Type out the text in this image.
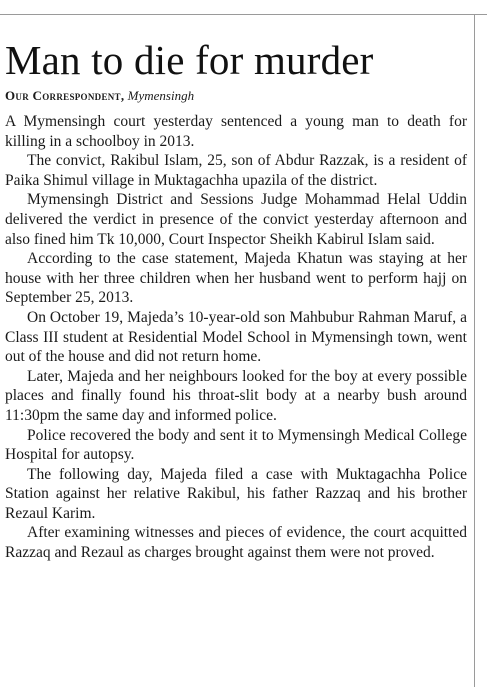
Man to die for murder
Our Correspondent, Mymensingh

A Mymensingh court yesterday sentenced a young man to death for killing in a schoolboy in 2013.

The convict, Rakibul Islam, 25, son of Abdur Razzak, is a resident of Paika Shimul village in Muktagachha upazila of the district.

Mymensingh District and Sessions Judge Mohammad Helal Uddin delivered the verdict in presence of the convict yesterday afternoon and also fined him Tk 10,000, Court Inspector Sheikh Kabirul Islam said.

According to the case statement, Majeda Khatun was staying at her house with her three children when her husband went to perform hajj on September 25, 2013.

On October 19, Majeda’s 10-year-old son Mahbubur Rahman Maruf, a Class III student at Residential Model School in Mymensingh town, went out of the house and did not return home.

Later, Majeda and her neighbours looked for the boy at every possible places and finally found his throat-slit body at a nearby bush around 11:30pm the same day and informed police.

Police recovered the body and sent it to Mymensingh Medical College Hospital for autopsy.

The following day, Majeda filed a case with Muktagachha Police Station against her relative Rakibul, his father Razzaq and his brother Rezaul Karim.

After examining witnesses and pieces of evidence, the court acquitted Razzaq and Rezaul as charges brought against them were not proved.
